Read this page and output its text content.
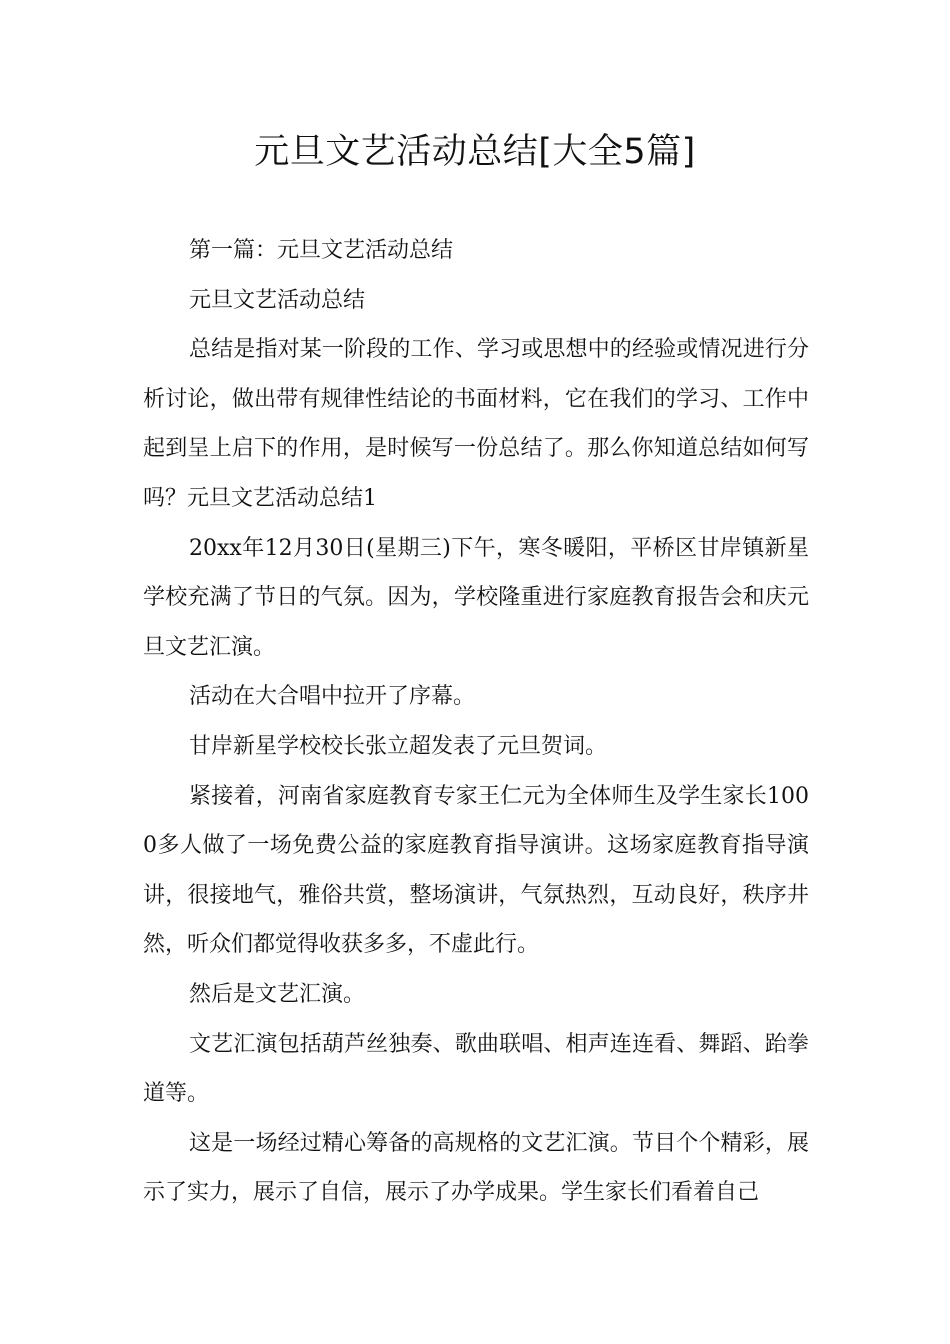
元旦文艺活动总结[大全5篇]

第一篇：元旦文艺活动总结

元旦文艺活动总结

总结是指对某一阶段的工作、学习或思想中的经验或情况进行分析讨论，做出带有规律性结论的书面材料，它在我们的学习、工作中起到呈上启下的作用，是时候写一份总结了。那么你知道总结如何写吗？元旦文艺活动总结1

20xx年12月30日(星期三)下午，寒冬暖阳，平桥区甘岸镇新星学校充满了节日的气氛。因为，学校隆重进行家庭教育报告会和庆元旦文艺汇演。

活动在大合唱中拉开了序幕。

甘岸新星学校校长张立超发表了元旦贺词。

紧接着，河南省家庭教育专家王仁元为全体师生及学生家长1000多人做了一场免费公益的家庭教育指导演讲。这场家庭教育指导演讲，很接地气，雅俗共赏，整场演讲，气氛热烈，互动良好，秩序井然，听众们都觉得收获多多，不虚此行。

然后是文艺汇演。

文艺汇演包括葫芦丝独奏、歌曲联唱、相声连连看、舞蹈、跆拳道等。

这是一场经过精心筹备的高规格的文艺汇演。节目个个精彩，展示了实力，展示了自信，展示了办学成果。学生家长们看着自己
